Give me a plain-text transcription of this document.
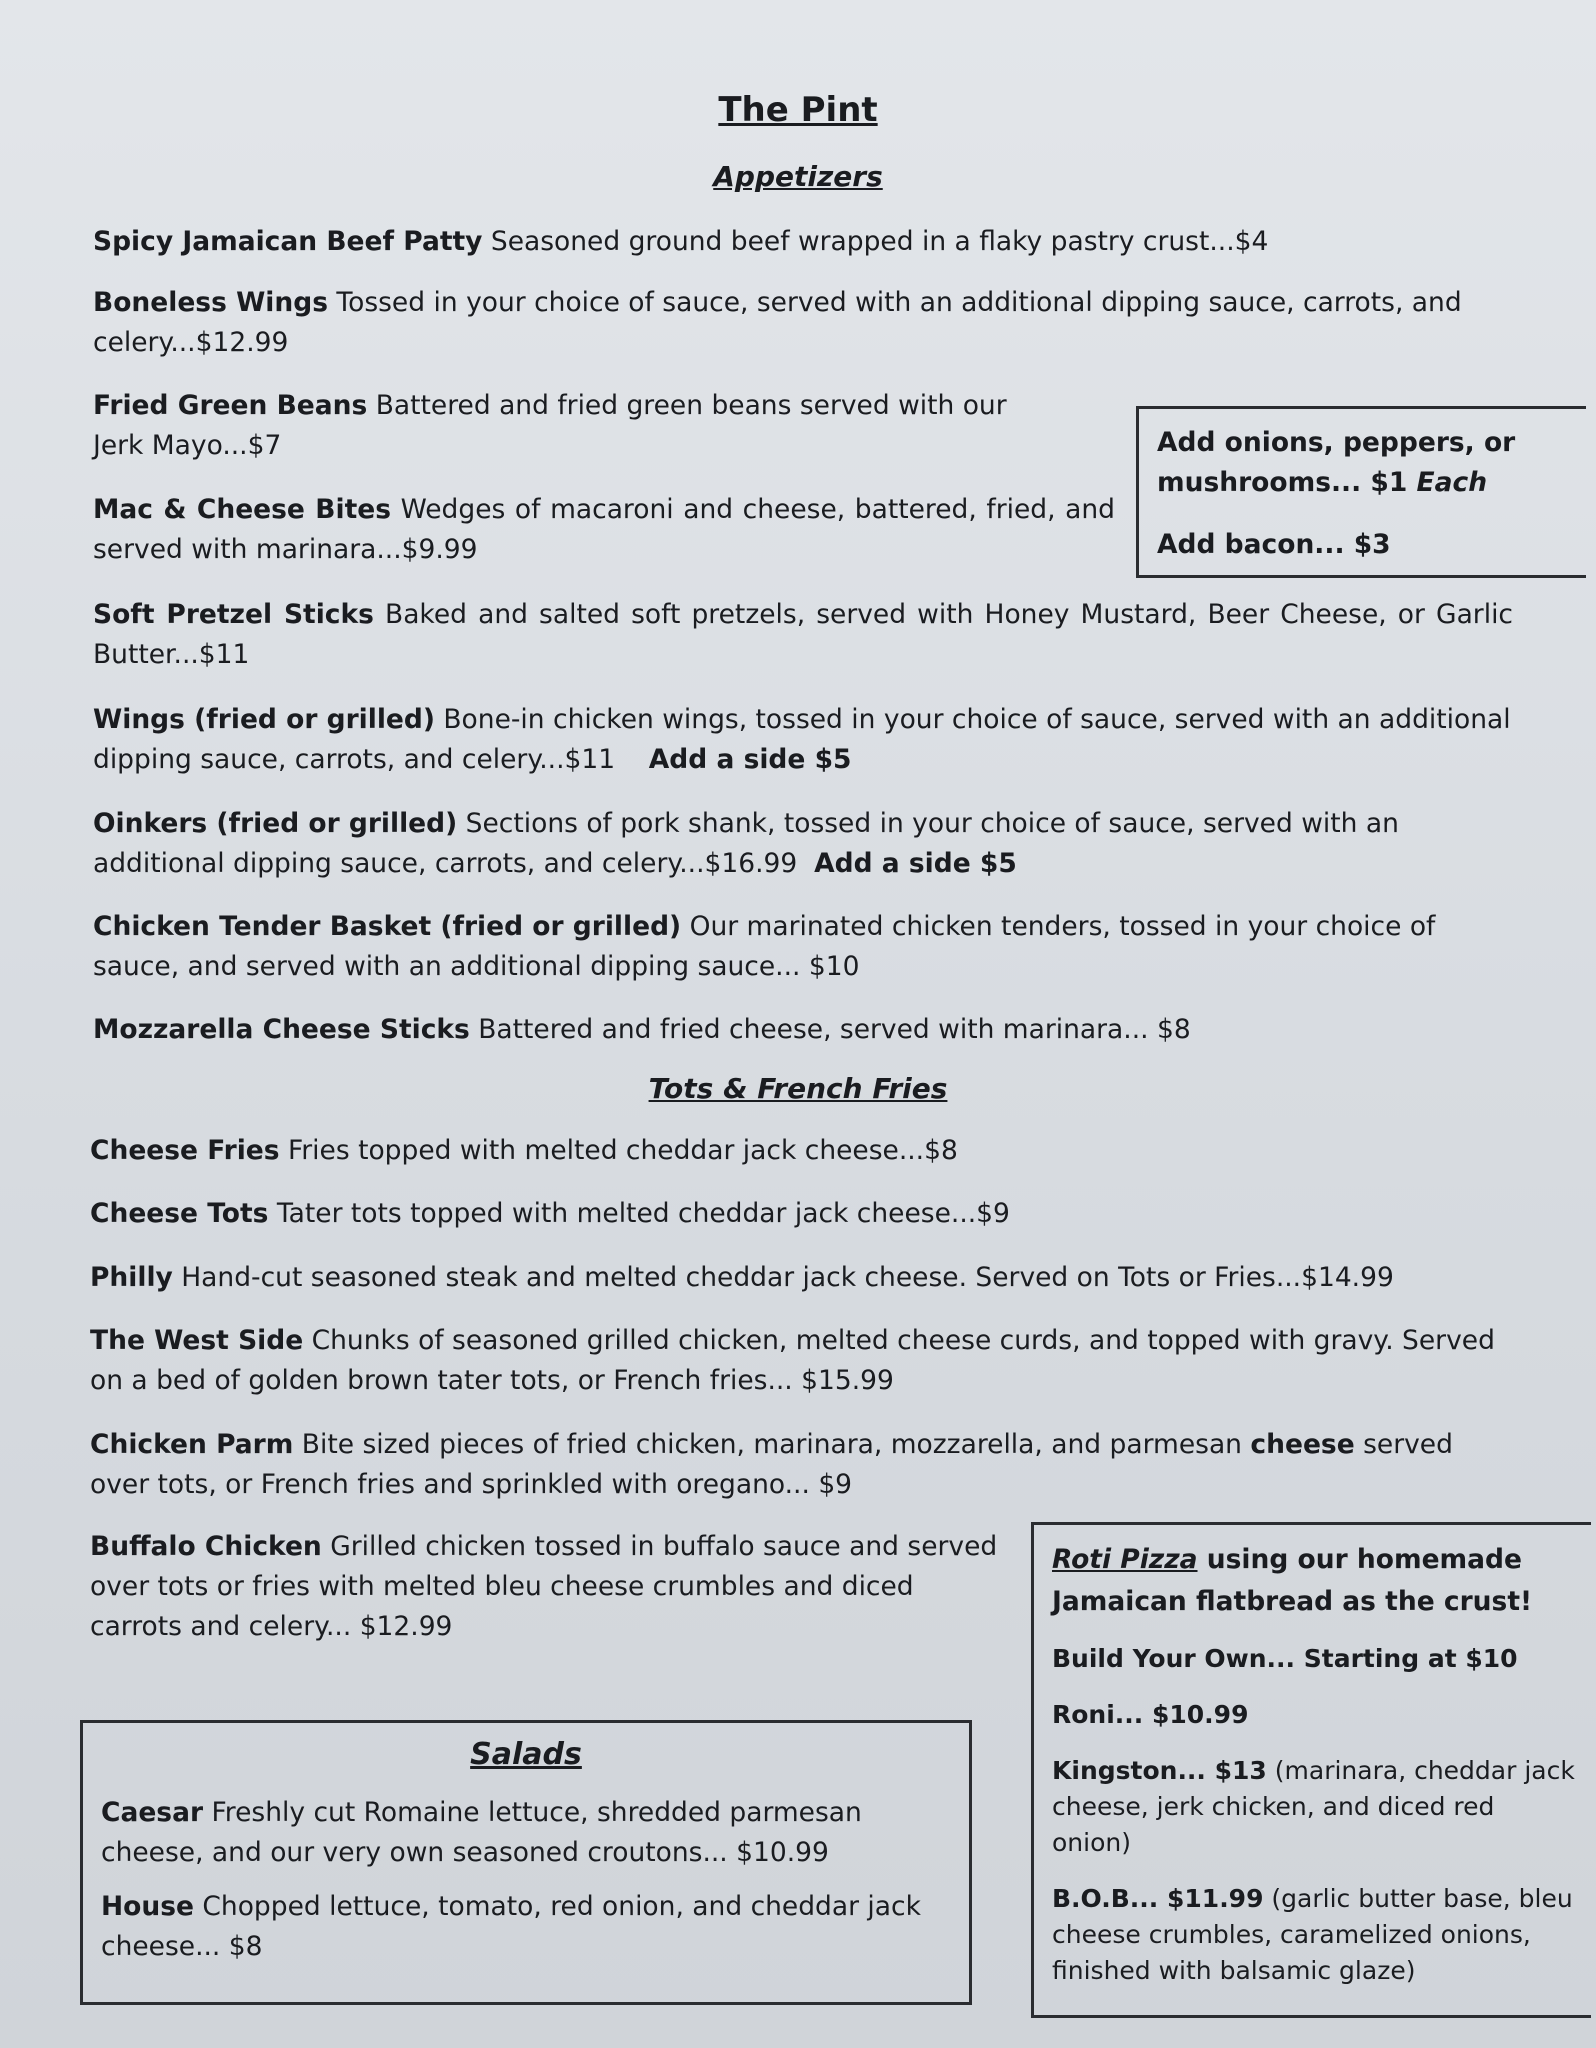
The Pint
Appetizers

Spicy Jamaican Beef Patty Seasoned ground beef wrapped in a flaky pastry crust...$4

Boneless Wings Tossed in your choice of sauce, served with an additional dipping sauce, carrots, and celery...$12.99

Fried Green Beans Battered and fried green beans served with our Jerk Mayo...$7

Mac & Cheese Bites Wedges of macaroni and cheese, battered, fried, and served with marinara...$9.99

Soft Pretzel Sticks Baked and salted soft pretzels, served with Honey Mustard, Beer Cheese, or Garlic Butter...$11

Wings (fried or grilled) Bone-in chicken wings, tossed in your choice of sauce, served with an additional dipping sauce, carrots, and celery...$11 Add a side $5

Oinkers (fried or grilled) Sections of pork shank, tossed in your choice of sauce, served with an additional dipping sauce, carrots, and celery...$16.99 Add a side $5

Chicken Tender Basket (fried or grilled) Our marinated chicken tenders, tossed in your choice of sauce, and served with an additional dipping sauce... $10

Mozzarella Cheese Sticks Battered and fried cheese, served with marinara... $8

Add onions, peppers, or mushrooms... $1 Each

Add bacon... $3

Tots & French Fries

Cheese Fries Fries topped with melted cheddar jack cheese...$8

Cheese Tots Tater tots topped with melted cheddar jack cheese...$9

Philly Hand-cut seasoned steak and melted cheddar jack cheese. Served on Tots or Fries...$14.99

The West Side Chunks of seasoned grilled chicken, melted cheese curds, and topped with gravy. Served on a bed of golden brown tater tots, or French fries... $15.99

Chicken Parm Bite sized pieces of fried chicken, marinara, mozzarella, and parmesan cheese served over tots, or French fries and sprinkled with oregano... $9

Buffalo Chicken Grilled chicken tossed in buffalo sauce and served over tots or fries with melted bleu cheese crumbles and diced carrots and celery... $12.99

Salads

Caesar Freshly cut Romaine lettuce, shredded parmesan cheese, and our very own seasoned croutons... $10.99

House Chopped lettuce, tomato, red onion, and cheddar jack cheese... $8

Roti Pizza using our homemade Jamaican flatbread as the crust!

Build Your Own... Starting at $10

Roni... $10.99

Kingston... $13 (marinara, cheddar jack cheese, jerk chicken, and diced red onion)

B.O.B... $11.99 (garlic butter base, bleu cheese crumbles, caramelized onions, finished with balsamic glaze)
